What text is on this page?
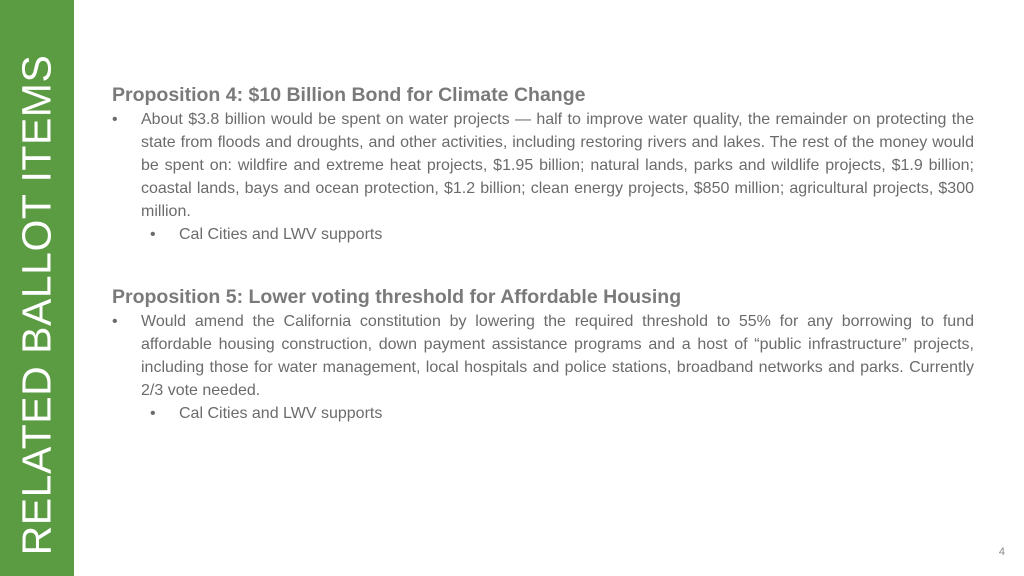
RELATED BALLOT ITEMS	Proposition 4: $10 Billion Bond for Climate Change
• About $3.8 billion would be spent on water projects — half to improve water quality, the remainder on protecting the state from floods and droughts, and other activities, including restoring rivers and lakes. The rest of the money would be spent on: wildfire and extreme heat projects, $1.95 billion; natural lands, parks and wildlife projects, $1.9 billion; coastal lands, bays and ocean protection, $1.2 billion; clean energy projects, $850 million; agricultural projects, $300 million.
• Cal Cities and LWV supports
Proposition 5: Lower voting threshold for Affordable Housing
• Would amend the California constitution by lowering the required threshold to 55% for any borrowing to fund affordable housing construction, down payment assistance programs and a host of “public infrastructure” projects, including those for water management, local hospitals and police stations, broadband networks and parks. Currently 2/3 vote needed.
• Cal Cities and LWV supports
4
